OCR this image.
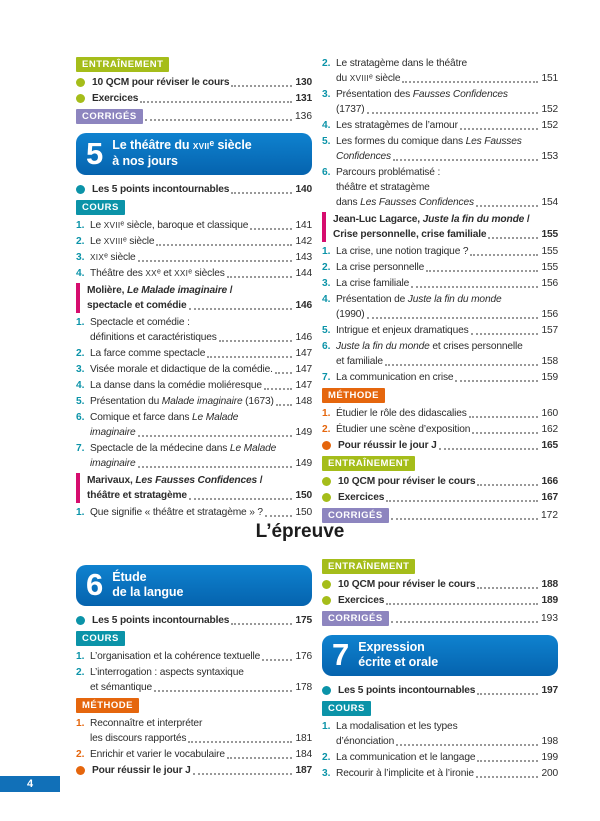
ENTRAÎNEMENT
10 QCM pour réviser le cours	130
Exercices	131
CORRIGÉS	136
5 Le théâtre du XVIIᵉ siècle
à nos jours
Les 5 points incontournables	140
COURS
1. Le XVIIᵉ siècle, baroque et classique	141
2. Le XVIIIᵉ siècle	142
3. XIXᵉ siècle	143
4. Théâtre des XXᵉ et XXIᵉ siècles	144
Molière, Le Malade imaginaire /
spectacle et comédie	146
1. Spectacle et comédie :
définitions et caractéristiques	146
2. La farce comme spectacle	147
3. Visée morale et didactique de la comédie. 147
4. La danse dans la comédie moliéresque	147
5. Présentation du Malade imaginaire (1673) 148
6. Comique et farce dans Le Malade
imaginaire	149
7. Spectacle de la médecine dans Le Malade
imaginaire	149
Marivaux, Les Fausses Confidences /
théâtre et stratagème	150
1. Que signifie « théâtre et stratagème » ?	150
2. Le stratagème dans le théâtre
du XVIIIᵉ siècle	151
3. Présentation des Fausses Confidences
(1737)	152
4. Les stratagèmes de l’amour	152
5. Les formes du comique dans Les Fausses
Confidences	153
6. Parcours problématisé :
théâtre et stratagème
dans Les Fausses Confidences	154
Jean-Luc Lagarce, Juste la fin du monde /
Crise personnelle, crise familiale	155
1. La crise, une notion tragique ?	155
2. La crise personnelle	155
3. La crise familiale	156
4. Présentation de Juste la fin du monde
(1990)	156
5. Intrigue et enjeux dramatiques	157
6. Juste la fin du monde et crises personnelle
et familiale	158
7. La communication en crise	159
MÉTHODE
1. Étudier le rôle des didascalies	160
2. Étudier une scène d’exposition	162
Pour réussir le jour J	165
ENTRAÎNEMENT
10 QCM pour réviser le cours	166
Exercices	167
CORRIGÉS	172
L’épreuve
6 Étude
de la langue
Les 5 points incontournables	175
COURS
1. L’organisation et la cohérence textuelle	176
2. L’interrogation : aspects syntaxique
et sémantique	178
MÉTHODE
1. Reconnaître et interpréter
les discours rapportés	181
2. Enrichir et varier le vocabulaire	184
Pour réussir le jour J	187
ENTRAÎNEMENT
10 QCM pour réviser le cours	188
Exercices	189
CORRIGÉS	193
7 Expression
écrite et orale
Les 5 points incontournables	197
COURS
1. La modalisation et les types
d’énonciation	198
2. La communication et le langage	199
3. Recourir à l’implicite et à l’ironie	200
4
